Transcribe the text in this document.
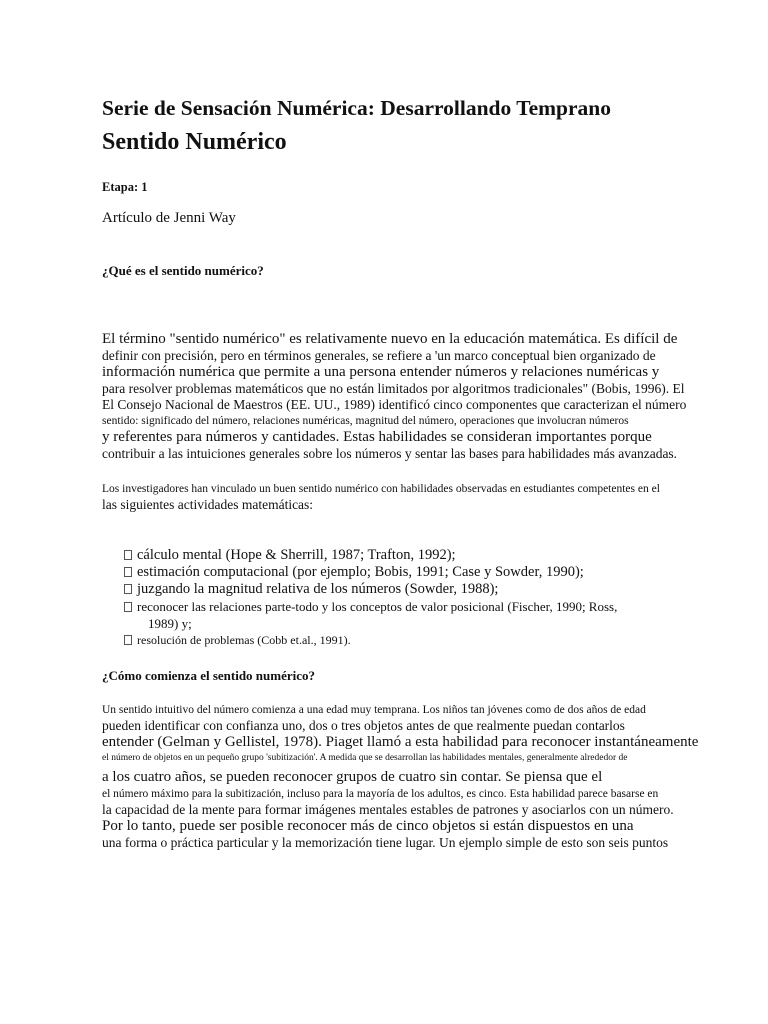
Serie de Sensación Numérica: Desarrollando Temprano
Sentido Numérico
Etapa: 1
Artículo de Jenni Way
¿Qué es el sentido numérico?
El término "sentido numérico" es relativamente nuevo en la educación matemática. Es difícil de
definir con precisión, pero en términos generales, se refiere a 'un marco conceptual bien organizado de
información numérica que permite a una persona entender números y relaciones numéricas y
para resolver problemas matemáticos que no están limitados por algoritmos tradicionales" (Bobis, 1996). El
El Consejo Nacional de Maestros (EE. UU., 1989) identificó cinco componentes que caracterizan el número
sentido: significado del número, relaciones numéricas, magnitud del número, operaciones que involucran números
y referentes para números y cantidades. Estas habilidades se consideran importantes porque
contribuir a las intuiciones generales sobre los números y sentar las bases para habilidades más avanzadas.
Los investigadores han vinculado un buen sentido numérico con habilidades observadas en estudiantes competentes en el
las siguientes actividades matemáticas:
cálculo mental (Hope & Sherrill, 1987; Trafton, 1992);
estimación computacional (por ejemplo; Bobis, 1991; Case y Sowder, 1990);
juzgando la magnitud relativa de los números (Sowder, 1988);
reconocer las relaciones parte-todo y los conceptos de valor posicional (Fischer, 1990; Ross,
1989) y;
resolución de problemas (Cobb et.al., 1991).
¿Cómo comienza el sentido numérico?
Un sentido intuitivo del número comienza a una edad muy temprana. Los niños tan jóvenes como de dos años de edad
pueden identificar con confianza uno, dos o tres objetos antes de que realmente puedan contarlos
entender (Gelman y Gellistel, 1978). Piaget llamó a esta habilidad para reconocer instantáneamente
el número de objetos en un pequeño grupo 'subitización'. A medida que se desarrollan las habilidades mentales, generalmente alrededor de
a los cuatro años, se pueden reconocer grupos de cuatro sin contar. Se piensa que el
el número máximo para la subitización, incluso para la mayoría de los adultos, es cinco. Esta habilidad parece basarse en
la capacidad de la mente para formar imágenes mentales estables de patrones y asociarlos con un número.
Por lo tanto, puede ser posible reconocer más de cinco objetos si están dispuestos en una
una forma o práctica particular y la memorización tiene lugar. Un ejemplo simple de esto son seis puntos
